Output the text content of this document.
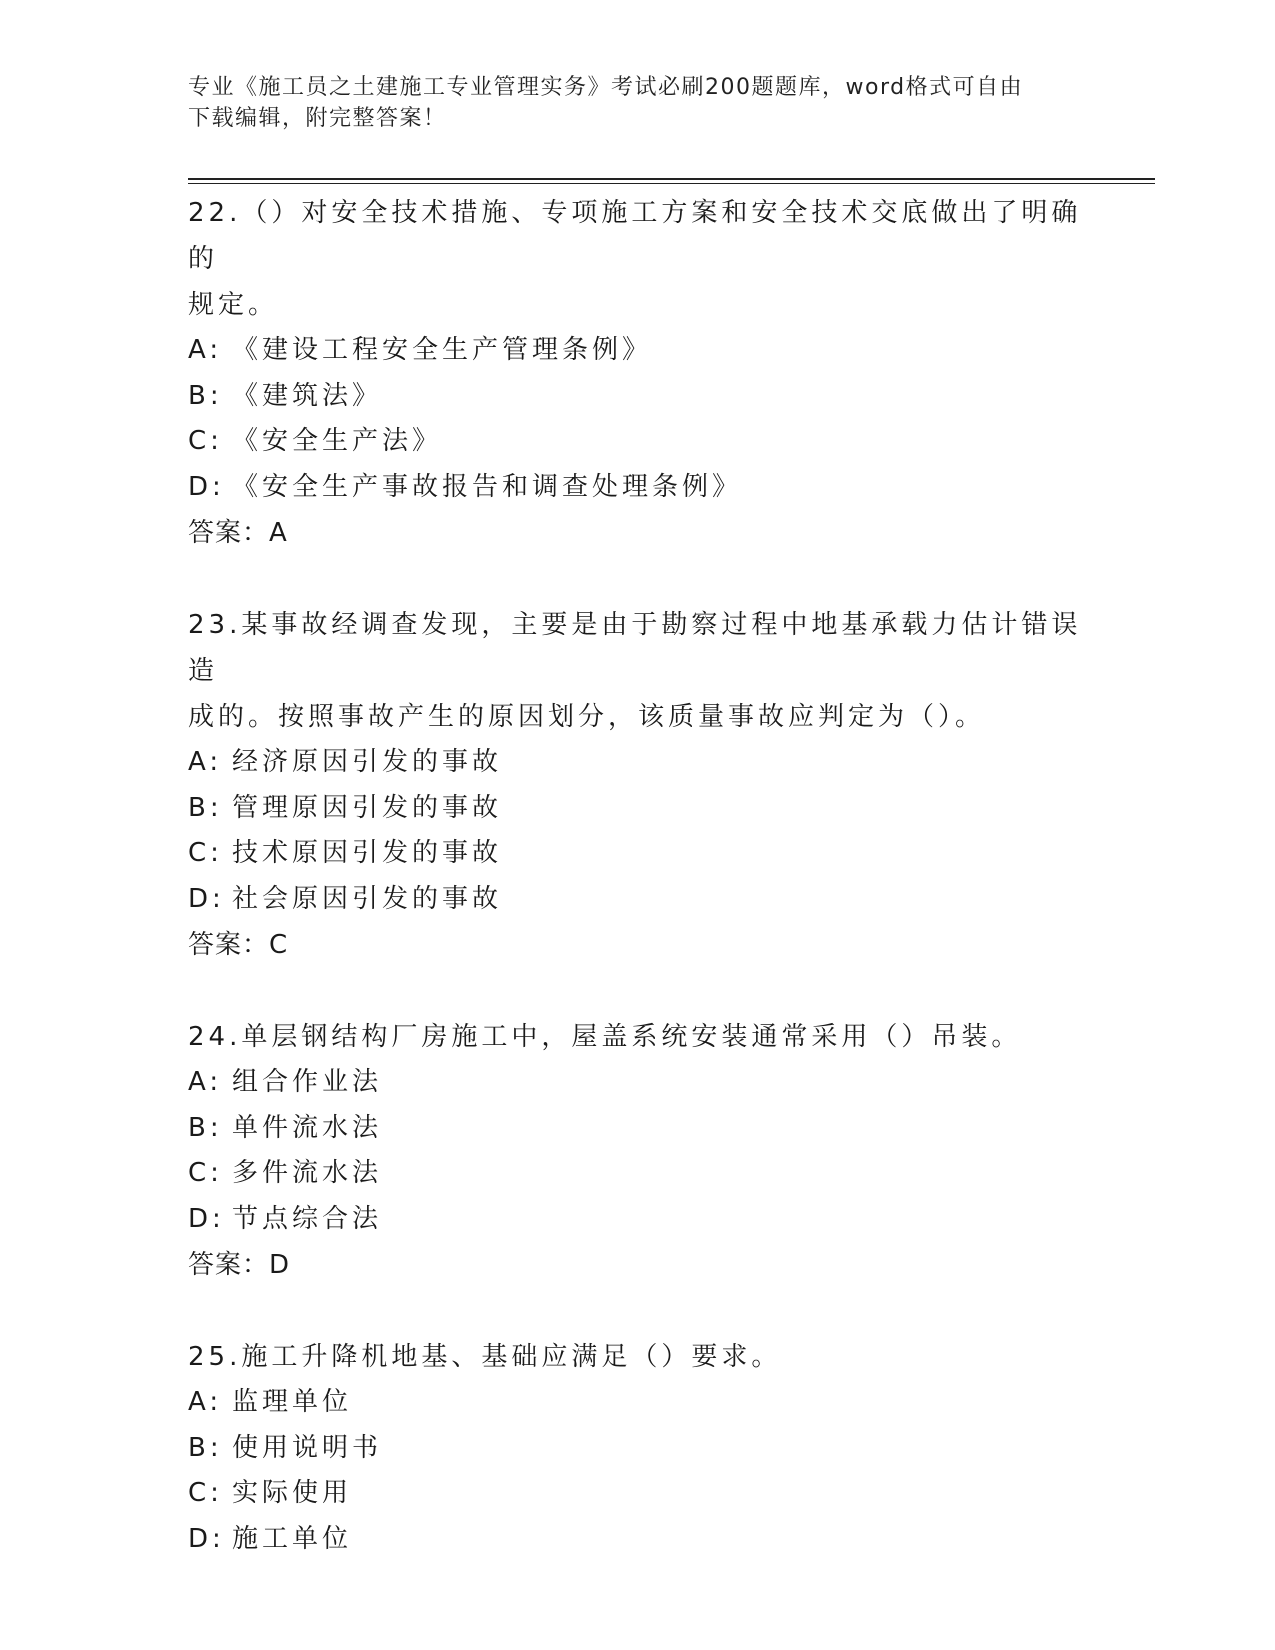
专业《施工员之土建施工专业管理实务》考试必刷200题题库，word格式可自由
下载编辑，附完整答案！

22.（）对安全技术措施、专项施工方案和安全技术交底做出了明确的

规定。

A: 《建设工程安全生产管理条例》
B: 《建筑法》
C: 《安全生产法》
D: 《安全生产事故报告和调查处理条例》

答案：A

23.某事故经调查发现，主要是由于勘察过程中地基承载力估计错误造

成的。按照事故产生的原因划分，该质量事故应判定为（）。

A: 经济原因引发的事故
B: 管理原因引发的事故
C: 技术原因引发的事故
D: 社会原因引发的事故

答案：C

24.单层钢结构厂房施工中，屋盖系统安装通常采用（）吊装。

A: 组合作业法
B: 单件流水法
C: 多件流水法
D: 节点综合法

答案：D

25.施工升降机地基、基础应满足（）要求。

A: 监理单位
B: 使用说明书
C: 实际使用
D: 施工单位
